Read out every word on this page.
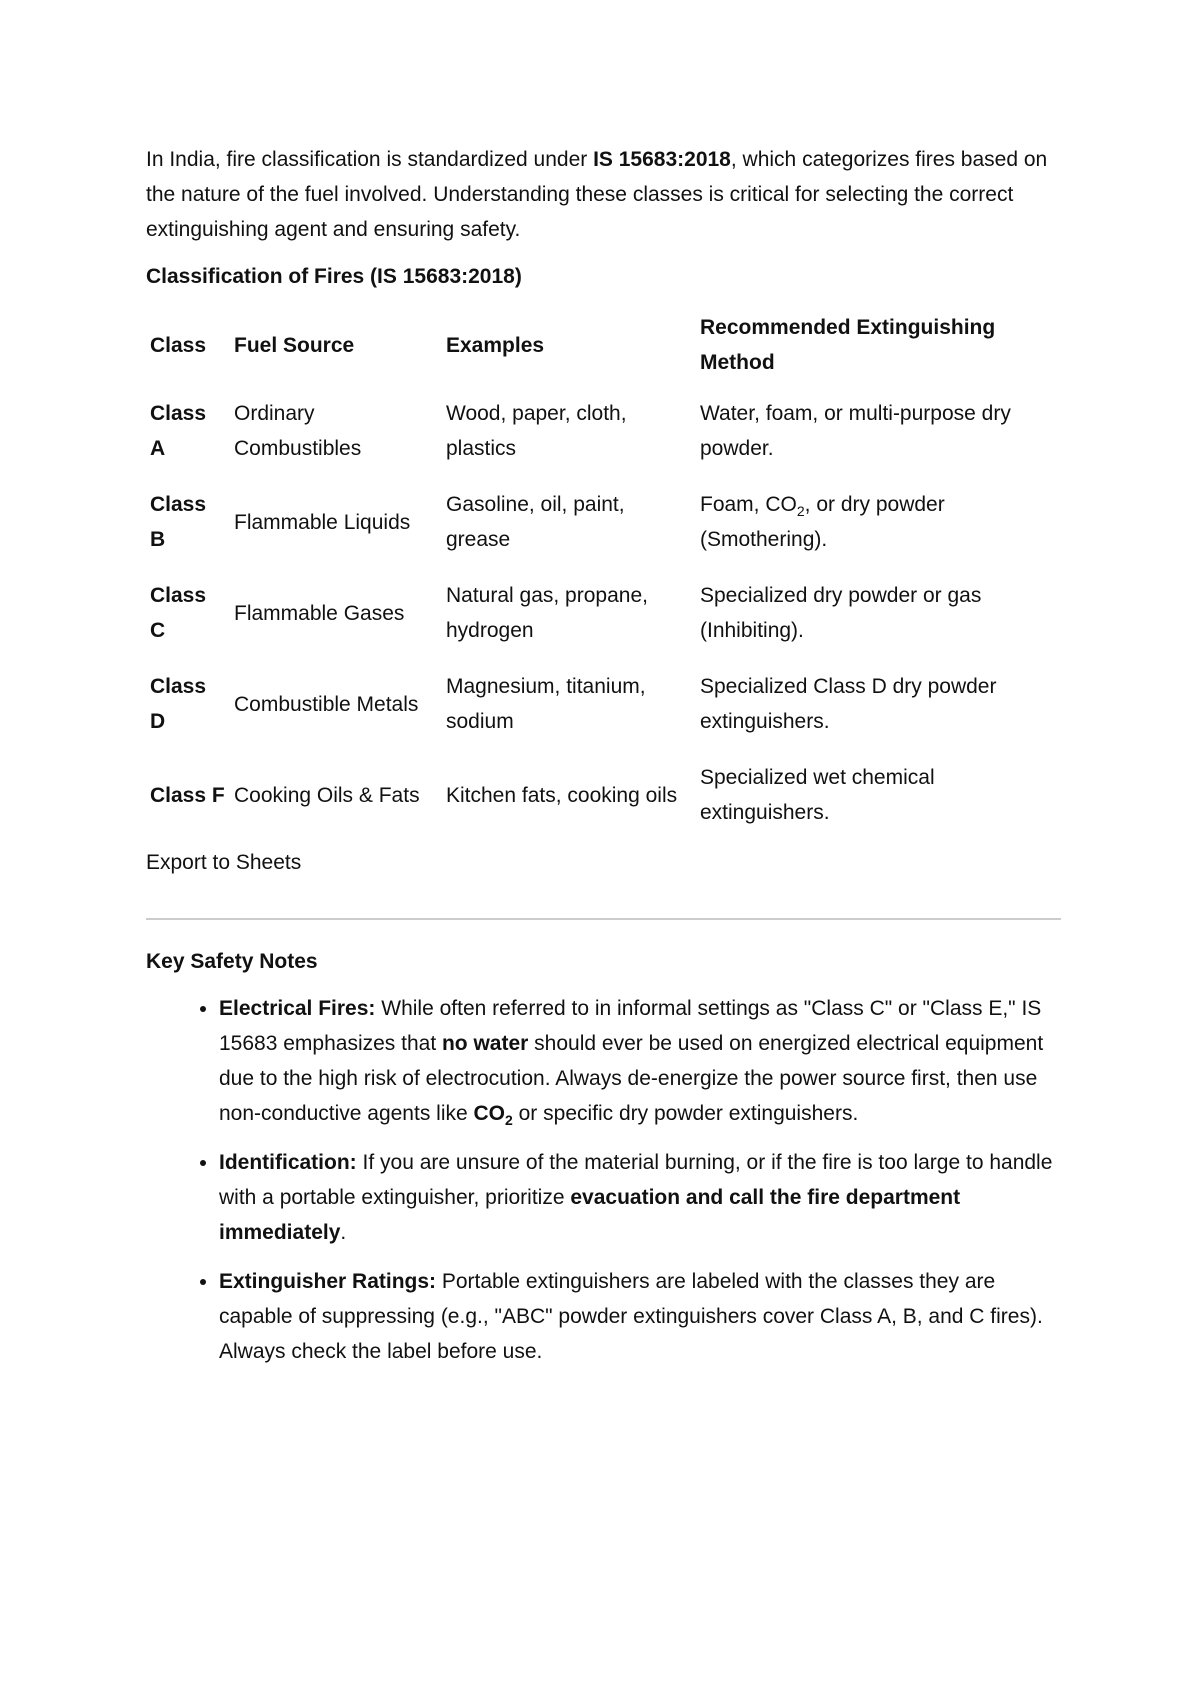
In India, fire classification is standardized under IS 15683:2018, which categorizes fires based on the nature of the fuel involved. Understanding these classes is critical for selecting the correct extinguishing agent and ensuring safety.

Classification of Fires (IS 15683:2018)

Class	Fuel Source	Examples	Recommended Extinguishing Method
Class A	Ordinary Combustibles	Wood, paper, cloth, plastics	Water, foam, or multi-purpose dry powder.
Class B	Flammable Liquids	Gasoline, oil, paint, grease	Foam, $CO_2$, or dry powder (Smothering).
Class C	Flammable Gases	Natural gas, propane, hydrogen	Specialized dry powder or gas (Inhibiting).
Class D	Combustible Metals	Magnesium, titanium, sodium	Specialized Class D dry powder extinguishers.
Class F	Cooking Oils & Fats	Kitchen fats, cooking oils	Specialized wet chemical extinguishers.

Export to Sheets

Key Safety Notes

• Electrical Fires: While often referred to in informal settings as "Class C" or "Class E," IS 15683 emphasizes that no water should ever be used on energized electrical equipment due to the high risk of electrocution. Always de-energize the power source first, then use non-conductive agents like $CO_2$ or specific dry powder extinguishers.
• Identification: If you are unsure of the material burning, or if the fire is too large to handle with a portable extinguisher, prioritize evacuation and call the fire department immediately.
• Extinguisher Ratings: Portable extinguishers are labeled with the classes they are capable of suppressing (e.g., "ABC" powder extinguishers cover Class A, B, and C fires). Always check the label before use.
